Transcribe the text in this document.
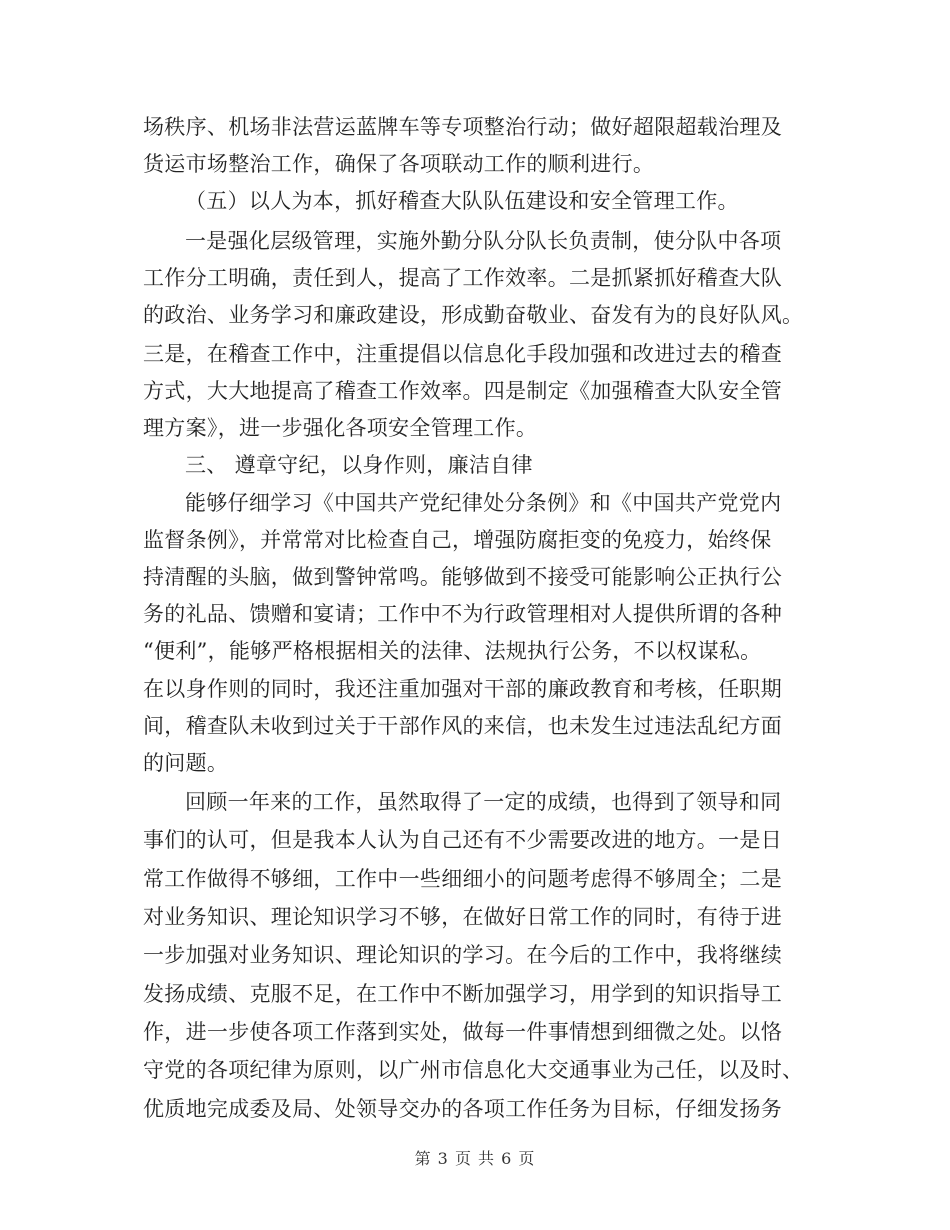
场秩序、机场非法营运蓝牌车等专项整治行动；做好超限超载治理及
货运市场整治工作，确保了各项联动工作的顺利进行。
（五）以人为本，抓好稽查大队队伍建设和安全管理工作。
一是强化层级管理，实施外勤分队分队长负责制，使分队中各项
工作分工明确，责任到人，提高了工作效率。二是抓紧抓好稽查大队
的政治、业务学习和廉政建设，形成勤奋敬业、奋发有为的良好队风。
三是，在稽查工作中，注重提倡以信息化手段加强和改进过去的稽查
方式，大大地提高了稽查工作效率。四是制定《加强稽查大队安全管
理方案》，进一步强化各项安全管理工作。
三、 遵章守纪，以身作则，廉洁自律
能够仔细学习《中国共产党纪律处分条例》和《中国共产党党内
监督条例》，并常常对比检查自己，增强防腐拒变的免疫力，始终保
持清醒的头脑，做到警钟常鸣。能够做到不接受可能影响公正执行公
务的礼品、馈赠和宴请；工作中不为行政管理相对人提供所谓的各种
“便利”，能够严格根据相关的法律、法规执行公务，不以权谋私。
在以身作则的同时，我还注重加强对干部的廉政教育和考核，任职期
间，稽查队未收到过关于干部作风的来信，也未发生过违法乱纪方面
的问题。
回顾一年来的工作，虽然取得了一定的成绩，也得到了领导和同
事们的认可，但是我本人认为自己还有不少需要改进的地方。一是日
常工作做得不够细，工作中一些细细小的问题考虑得不够周全；二是
对业务知识、理论知识学习不够，在做好日常工作的同时，有待于进
一步加强对业务知识、理论知识的学习。在今后的工作中，我将继续
发扬成绩、克服不足，在工作中不断加强学习，用学到的知识指导工
作，进一步使各项工作落到实处，做每一件事情想到细微之处。以恪
守党的各项纪律为原则，以广州市信息化大交通事业为己任，以及时、
优质地完成委及局、处领导交办的各项工作任务为目标，仔细发扬务
第 3 页 共 6 页
